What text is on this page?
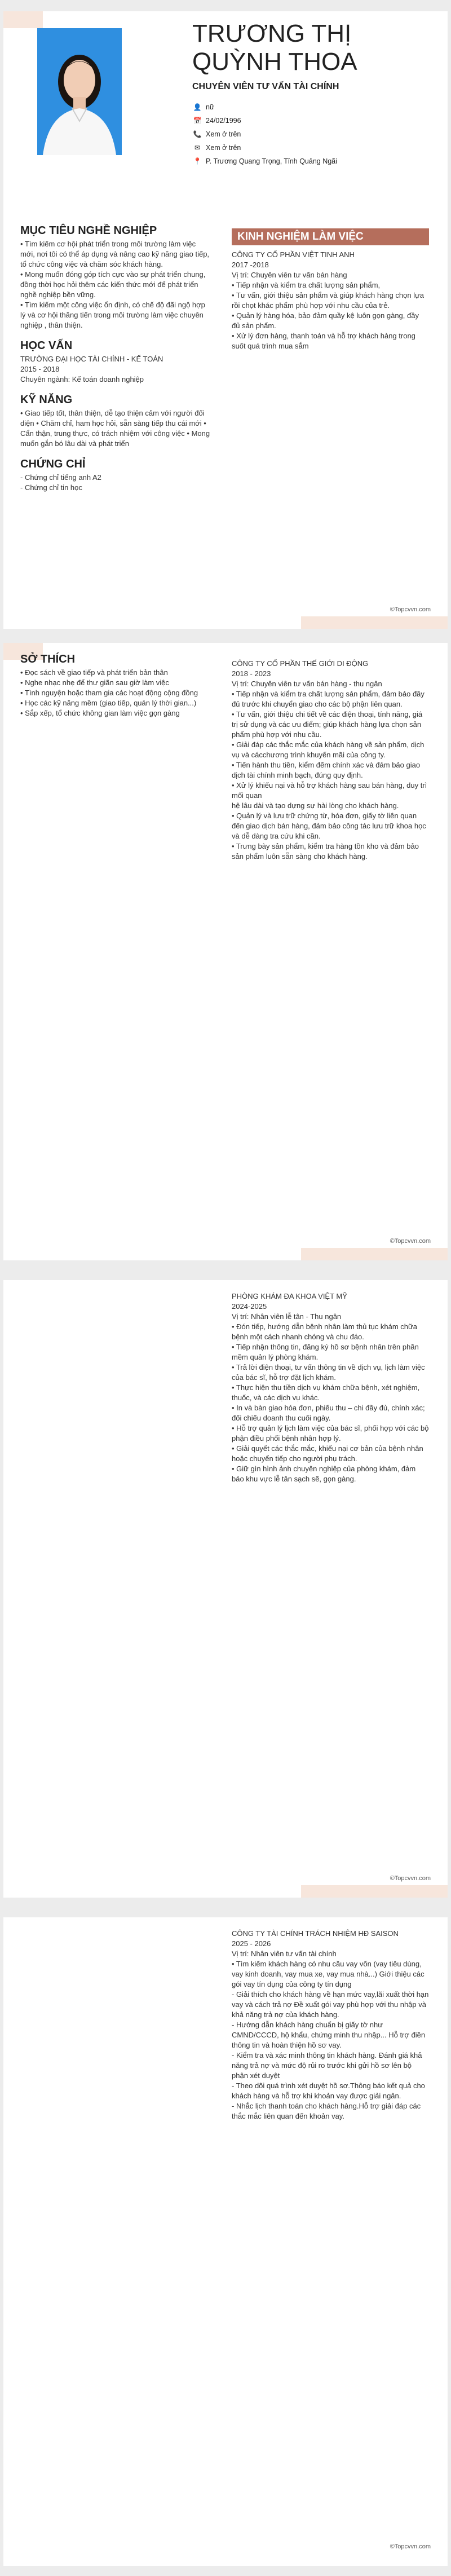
TRƯƠNG THỊ
QUỲNH THOA
CHUYÊN VIÊN TƯ VẤN TÀI CHÍNH
👤 nữ
📅 24/02/1996
📞 Xem ở trên
✉ Xem ở trên
📍 P. Trương Quang Trọng, Tỉnh Quảng Ngãi
MỤC TIÊU NGHỀ NGHIỆP

• Tìm kiếm cơ hội phát triển trong môi trường làm việc mới, nơi tôi có thể áp dụng và nâng cao kỹ năng giao tiếp, tổ chức công việc và chăm sóc khách hàng.

• Mong muốn đóng góp tích cực vào sự phát triển chung, đồng thời học hỏi thêm các kiến thức mới để phát triển nghề nghiệp bền vững.

• Tìm kiếm một công việc ổn định, có chế độ đãi ngộ hợp lý và cơ hội thăng tiến trong môi trường làm việc chuyên nghiệp , thân thiện.

HỌC VẤN

TRƯỜNG ĐẠI HỌC TÀI CHÍNH - KẾ TOÁN

2015 - 2018

Chuyên ngành: Kế toán doanh nghiệp

KỸ NĂNG

• Giao tiếp tốt, thân thiện, dễ tạo thiện cảm với người đối diện • Chăm chỉ, ham học hỏi, sẵn sàng tiếp thu cái mới • Cẩn thận, trung thực, có trách nhiệm với công việc • Mong muốn gắn bó lâu dài và phát triển

CHỨNG CHỈ

- Chứng chỉ tiếng anh A2

- Chứng chỉ tin học

KINH NGHIỆM LÀM VIỆC

CÔNG TY CỔ PHẦN VIỆT TINH ANH

2017 -2018

Vị trí: Chuyên viên tư vấn bán hàng

• Tiếp nhận và kiểm tra chất lượng sản phẩm,

• Tư vấn, giới thiệu sản phẩm và giúp khách hàng chọn lựa rồi chọt khác phẩm phù hợp với nhu cầu của trẻ.

• Quản lý hàng hóa, bảo đảm quầy kệ luôn gọn gàng, đầy đủ sản phẩm.

• Xử lý đơn hàng, thanh toán và hỗ trợ khách hàng trong suốt quá trình mua sắm

©Topcvvn.com
SỞ THÍCH

• Đọc sách về giao tiếp và phát triển bản thân

• Nghe nhạc nhẹ để thư giãn sau giờ làm việc

• Tình nguyện hoặc tham gia các hoạt động cộng đồng

• Học các kỹ năng mềm (giao tiếp, quản lý thời gian...)

• Sắp xếp, tổ chức không gian làm việc gọn gàng

CÔNG TY CỔ PHẦN THẾ GIỚI DI ĐỘNG

2018 - 2023

Vị trí: Chuyên viên tư vấn bán hàng - thu ngân

• Tiếp nhận và kiểm tra chất lượng sản phẩm, đảm bảo đầy đủ trước khi chuyển giao cho các bộ phận liên quan.

• Tư vấn, giới thiệu chi tiết về các điện thoại, tính năng, giá trị sử dụng và các ưu điểm; giúp khách hàng lựa chọn sản phẩm phù hợp với nhu cầu.

• Giải đáp các thắc mắc của khách hàng về sản phẩm, dịch vụ và cácchương trình khuyến mãi của công ty.

• Tiến hành thu tiền, kiểm đếm chính xác và đảm bảo giao dịch tài chính minh bạch, đúng quy định.

• Xử lý khiếu nại và hỗ trợ khách hàng sau bán hàng, duy trì mối quan

hệ lâu dài và tạo dựng sự hài lòng cho khách hàng.

• Quản lý và lưu trữ chứng từ, hóa đơn, giấy tờ liên quan đến giao dịch bán hàng, đảm bảo công tác lưu trữ khoa học và dễ dàng tra cứu khi cần.

• Trưng bày sản phẩm, kiểm tra hàng tồn kho và đảm bảo sản phẩm luôn sẵn sàng cho khách hàng.

©Topcvvn.com

PHÒNG KHÁM ĐA KHOA VIỆT MỸ

2024-2025

Vị trí: Nhân viên lễ tân - Thu ngân

• Đón tiếp, hướng dẫn bệnh nhân làm thủ tục khám chữa bệnh một cách nhanh chóng và chu đáo.

• Tiếp nhận thông tin, đăng ký hồ sơ bệnh nhân trên phần mềm quản lý phòng khám.

• Trả lời điện thoại, tư vấn thông tin về dịch vụ, lịch làm việc của bác sĩ, hỗ trợ đặt lịch khám.

• Thực hiện thu tiền dịch vụ khám chữa bệnh, xét nghiệm, thuốc, và các dịch vụ khác.

• In và bàn giao hóa đơn, phiếu thu – chi đầy đủ, chính xác; đối chiếu doanh thu cuối ngày.

• Hỗ trợ quản lý lịch làm việc của bác sĩ, phối hợp với các bộ phận điều phối bệnh nhân hợp lý.

• Giải quyết các thắc mắc, khiếu nại cơ bản của bệnh nhân hoặc chuyển tiếp cho người phụ trách.

• Giữ gìn hình ảnh chuyên nghiệp của phòng khám, đảm bảo khu vực lễ tân sạch sẽ, gọn gàng.

©Topcvvn.com

CÔNG TY TÀI CHÍNH TRÁCH NHIỆM HĐ SAISON

2025 - 2026

Vị trí: Nhân viên tư vấn tài chính

• Tìm kiếm khách hàng có nhu cầu vay vốn (vay tiêu dùng, vay kinh doanh, vay mua xe, vay mua nhà...) Giới thiệu các gói vay tín dụng của công ty tín dụng

- Giải thích cho khách hàng về hạn mức vay,lãi xuất thời hạn vay và cách trả nợ Đề xuất gói vay phù hợp với thu nhập và khả năng trả nợ của khách hàng.

- Hướng dẫn khách hàng chuẩn bị giấy tờ như CMND/CCCD, hộ khẩu, chứng minh thu nhập... Hỗ trợ điền thông tin và hoàn thiện hồ sơ vay.

- Kiểm tra và xác minh thông tin khách hàng. Đánh giá khả năng trả nợ và mức độ rủi ro trước khi gửi hồ sơ lên bộ phận xét duyệt

- Theo dõi quá trình xét duyệt hồ sơ.Thông báo kết quả cho khách hàng và hỗ trợ khi khoản vay được giải ngân.

- Nhắc lịch thanh toán cho khách hàng.Hỗ trợ giải đáp các thắc mắc liên quan đến khoản vay.

©Topcvvn.com
